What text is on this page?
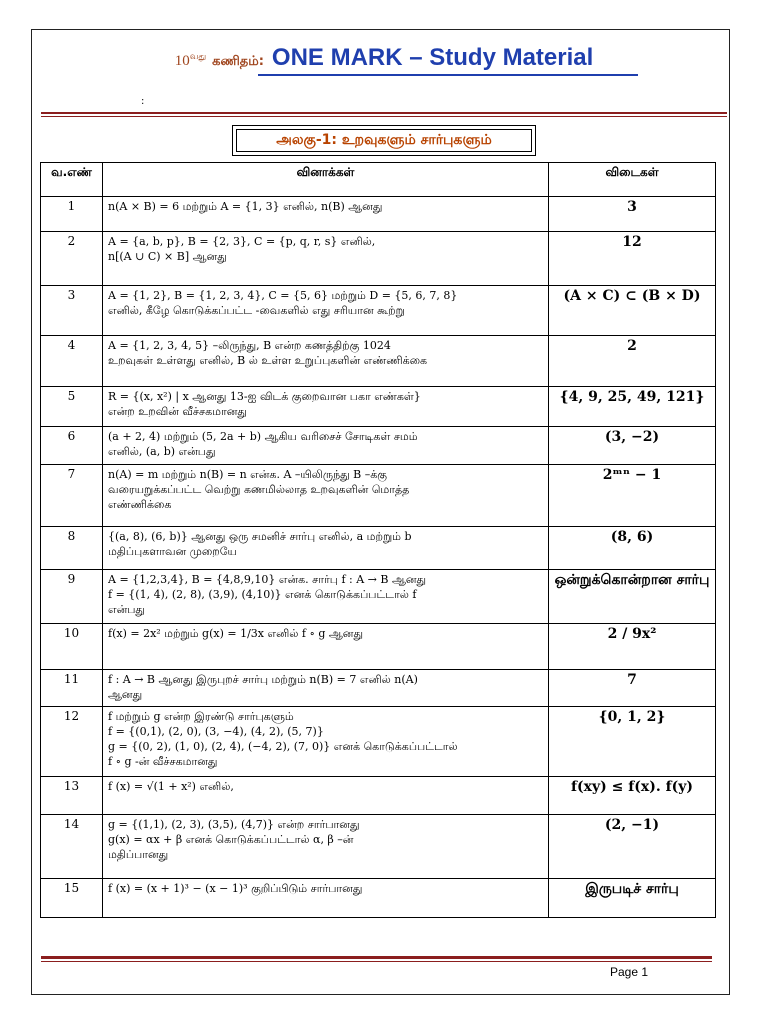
$10^{வது}$ கணிதம்: ONE MARK – Study Material
:
அலகு-1: உறவுகளும் சார்புகளும்
வ.எண்	வினாக்கள்	விடைகள்
1	n(A × B) = 6 மற்றும் A = {1, 3} எனில், n(B) ஆனது	3
2	A = {a, b, p}, B = {2, 3}, C = {p, q, r, s} எனில்,
n[(A ∪ C) × B] ஆனது	12
3	A = {1, 2}, B = {1, 2, 3, 4}, C = {5, 6} மற்றும் D = {5, 6, 7, 8}
எனில், கீழே கொடுக்கப்பட்ட -வைகளில் எது சரியான கூற்று	(A × C) ⊂ (B × D)
4	A = {1, 2, 3, 4, 5} –லிருந்து, B என்ற கணத்திற்கு 1024
உறவுகள் உள்ளது எனில், B ல் உள்ள உறுப்புகளின் எண்ணிக்கை	2
5	R = {(x, x²) | x ஆனது 13-ஐ விடக் குறைவான பகா எண்கள்}
என்ற உறவின் வீச்சகமானது	{4, 9, 25, 49, 121}
6	(a + 2, 4) மற்றும் (5, 2a + b) ஆகிய வரிசைச் சோடிகள் சமம்
எனில், (a, b) என்பது	(3, −2)
7	n(A) = m மற்றும் n(B) = n என்க. A –யிலிருந்து B –க்கு
வரையறுக்கப்பட்ட வெற்று கணமில்லாத உறவுகளின் மொத்த
எண்ணிக்கை	2ᵐⁿ − 1
8	{(a, 8), (6, b)} ஆனது ஒரு சமனிச் சார்பு எனில், a மற்றும் b
மதிப்புகளாவன முறையே	(8, 6)
9	A = {1,2,3,4}, B = {4,8,9,10} என்க. சார்பு f : A → B ஆனது
f = {(1, 4), (2, 8), (3,9), (4,10)} எனக் கொடுக்கப்பட்டால் f
என்பது	ஒன்றுக்கொன்றான சார்பு
10	f(x) = 2x² மற்றும் g(x) = 1/3x எனில் f ∘ g ஆனது	2 / 9x²
11	f : A → B ஆனது இருபுறச் சார்பு மற்றும் n(B) = 7 எனில் n(A)
ஆனது	7
12	f மற்றும் g என்ற இரண்டு சார்புகளும்
f = {(0,1), (2, 0), (3, −4), (4, 2), (5, 7)}
g = {(0, 2), (1, 0), (2, 4), (−4, 2), (7, 0)} எனக் கொடுக்கப்பட்டால்
f ∘ g -ன் வீச்சகமானது	{0, 1, 2}
13	f (x) = √(1 + x²) எனில்,	f(xy) ≤ f(x). f(y)
14	g = {(1,1), (2, 3), (3,5), (4,7)} என்ற சார்பானது
g(x) = αx + β எனக் கொடுக்கப்பட்டால் α, β –ன்
மதிப்பானது	(2, −1)
15	f (x) = (x + 1)³ − (x − 1)³ குறிப்பிடும் சார்பானது	இருபடிச் சார்பு
Page 1
